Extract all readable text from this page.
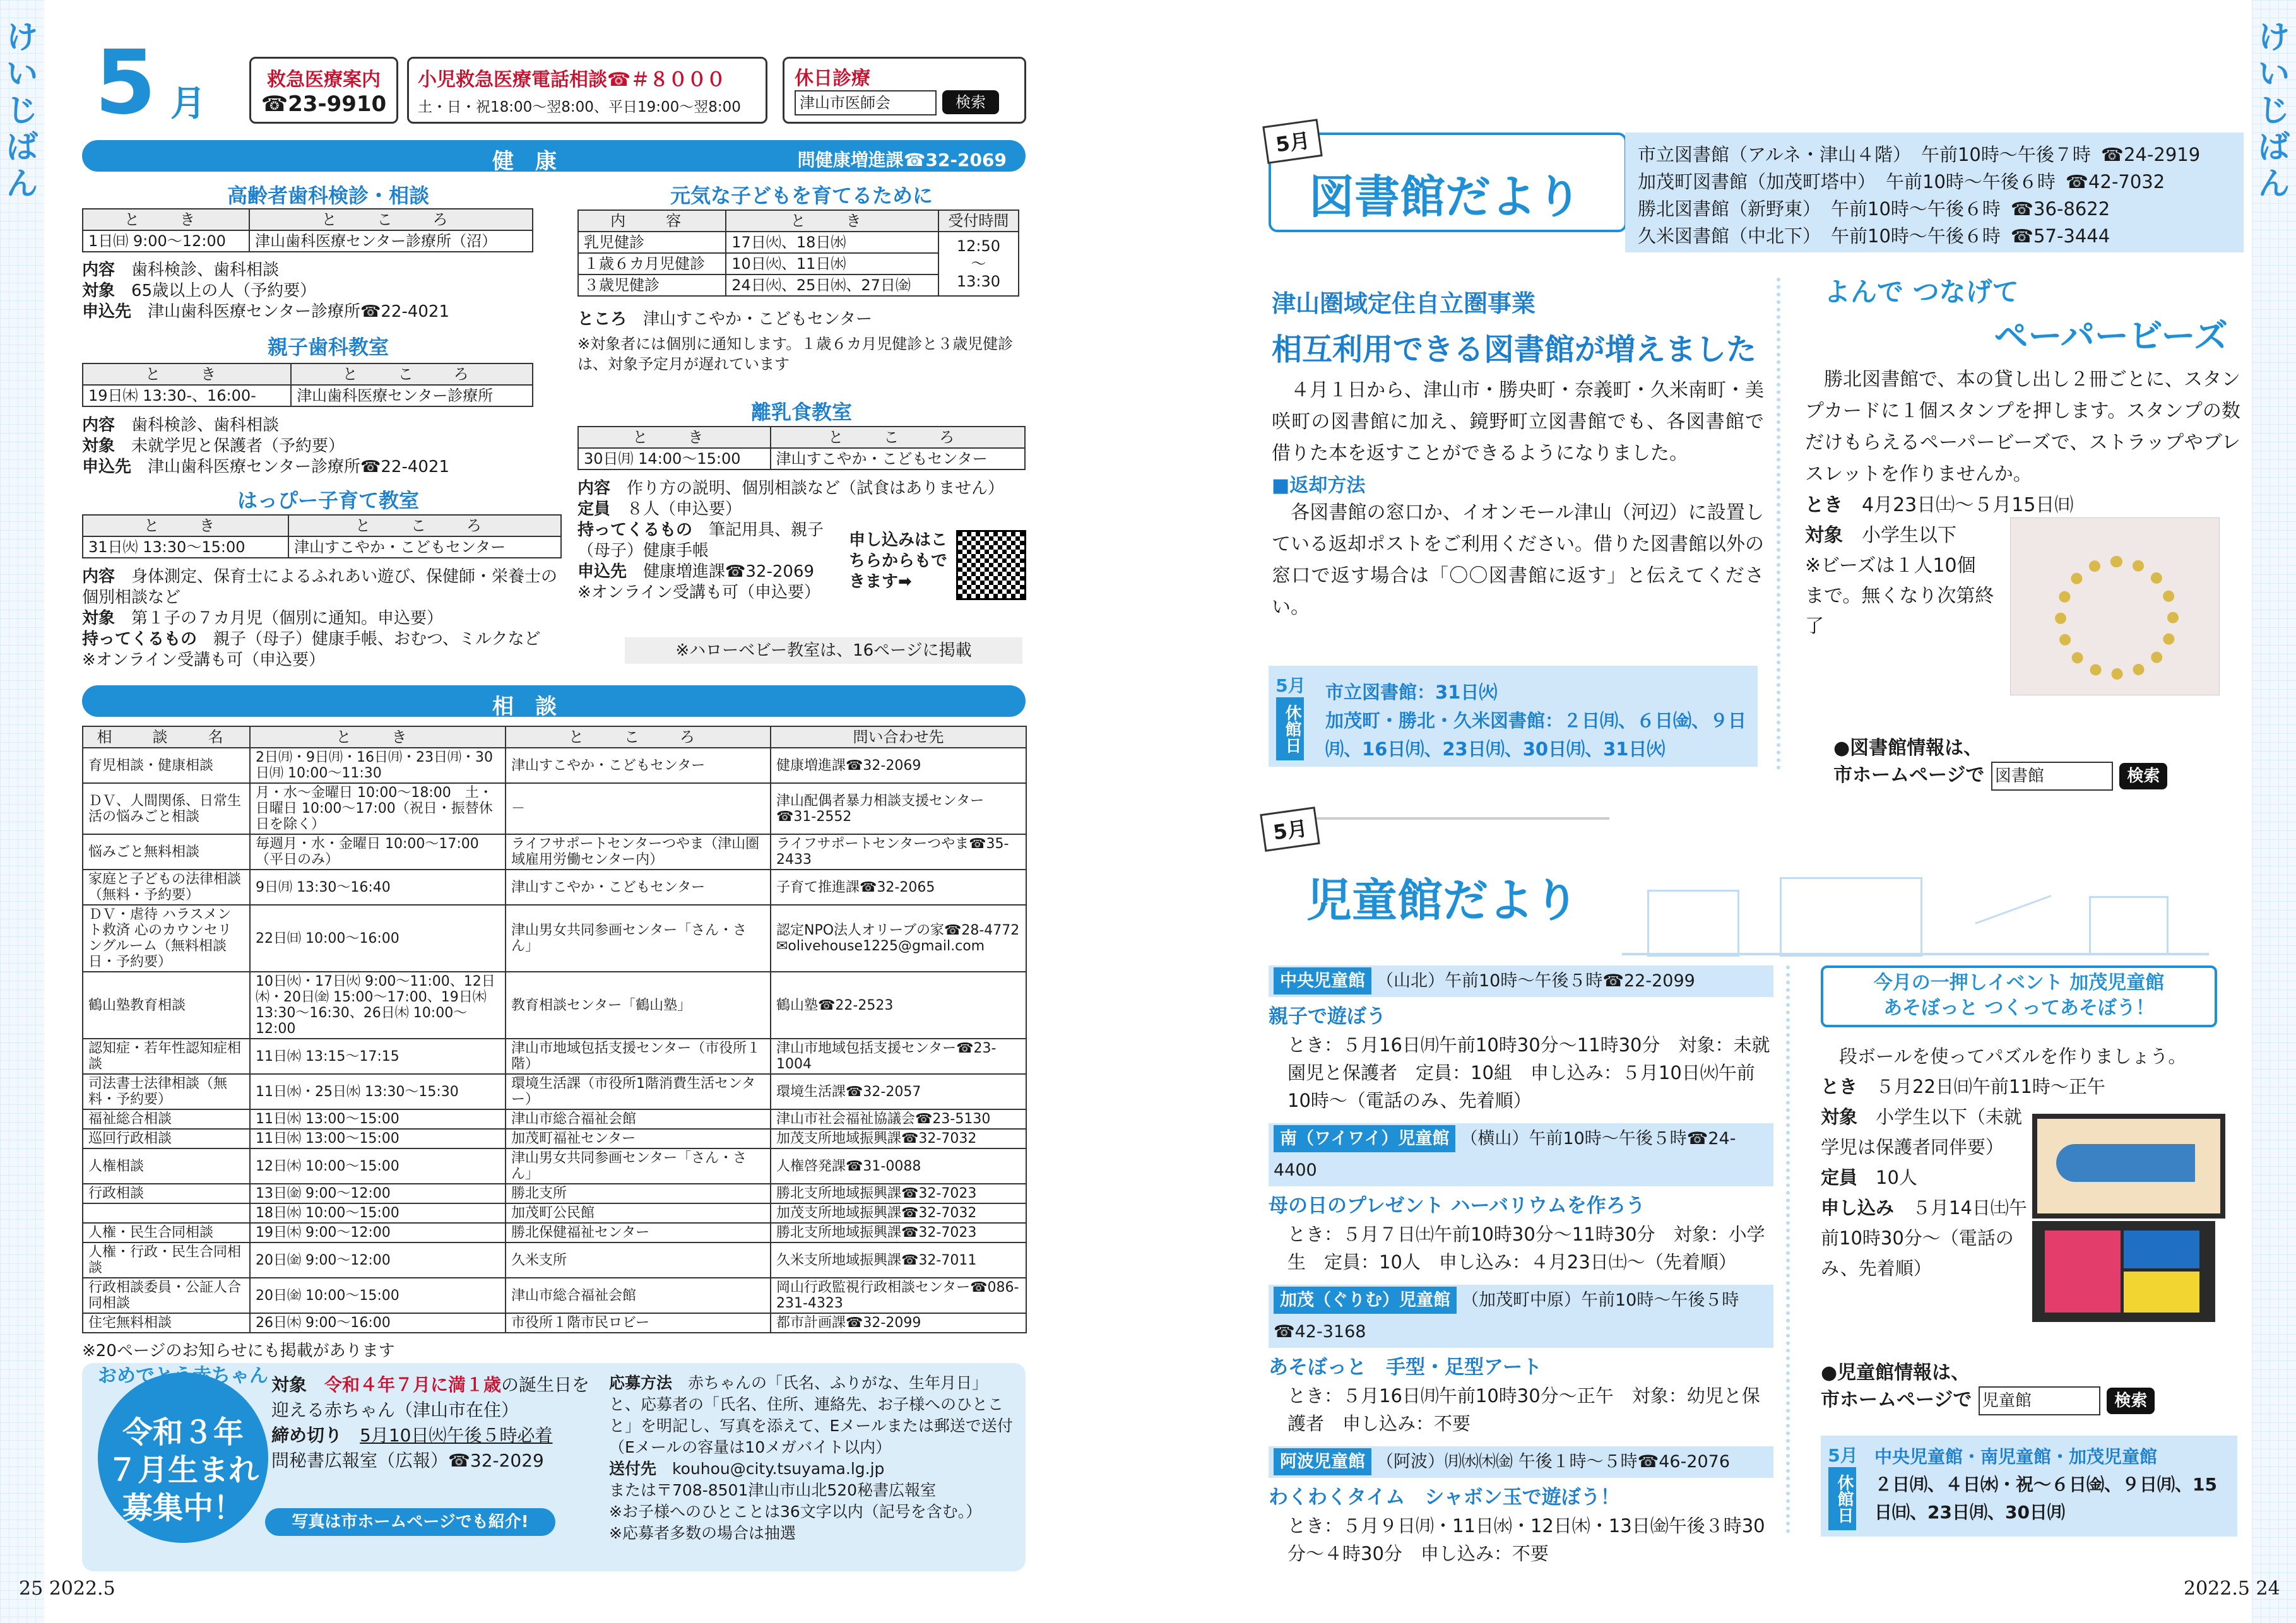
けいじばん
5 月
救急医療案内
☎23-9910
小児救急医療電話相談☎＃８０００
土・日・祝18:00〜翌8:00、平日19:00〜翌8:00
休日診療
津山市医師会	検索
健　康	問健康増進課☎32-2069
高齢者歯科検診・相談
と　き	と　こ　ろ
1日㈰ 9:00〜12:00	津山歯科医療センター診療所（沼）
内容　 歯科検診、歯科相談
対象　 65歳以上の人（予約要）
申込先　 津山歯科医療センター診療所☎22-4021
親子歯科教室
と　き	と　こ　ろ
19日㈭ 13:30-、16:00-	津山歯科医療センター診療所
内容　 歯科検診、歯科相談
対象　 未就学児と保護者（予約要）
申込先　 津山歯科医療センター診療所☎22-4021
はっぴー子育て教室
と　き	と　こ　ろ
31日㈫ 13:30〜15:00	津山すこやか・こどもセンター
内容　 身体測定、保育士によるふれあい遊び、保健師・栄養士の個別相談など
対象　 第１子の７カ月児（個別に通知。申込要）
持ってくるもの　 親子（母子）健康手帳、おむつ、ミルクなど
※オンライン受講も可（申込要）
元気な子どもを育てるために
内　容	と　き	受付時間
乳児健診	17日㈫、18日㈬	12:50
〜
13:30
１歳６カ月児健診	10日㈫、11日㈬	
３歳児健診	24日㈫、25日㈬、27日㈮	
ところ　 津山すこやか・こどもセンター
※対象者には個別に通知します。１歳６カ月児健診と３歳児健診は、対象予定月が遅れています
離乳食教室
と　き	と　こ　ろ
30日㈪ 14:00〜15:00	津山すこやか・こどもセンター
内容　 作り方の説明、個別相談など（試食はありません）
定員　 ８人（申込要）
持ってくるもの　 筆記用具、親子（母子）健康手帳
申込先　 健康増進課☎32-2069
※オンライン受講も可（申込要）
申し込みはこちらからもできます➡
※ハローベビー教室は、16ページに掲載
相　談
相　談　名	と　き	と　こ　ろ	問い合わせ先
育児相談・健康相談	2日㈪・9日㈪・16日㈪・23日㈪・30日㈪ 10:00〜11:30	津山すこやか・こどもセンター	健康増進課☎32-2069
ＤＶ、人間関係、日常生活の悩みごと相談	月・水〜金曜日 10:00〜18:00　土・日曜日 10:00〜17:00（祝日・振替休日を除く）	－	津山配偶者暴力相談支援センター☎31-2552
悩みごと無料相談	毎週月・水・金曜日 10:00〜17:00（平日のみ）	ライフサポートセンターつやま（津山圏域雇用労働センター内）	ライフサポートセンターつやま☎35-2433
家庭と子どもの法律相談（無料・予約要）	9日㈪ 13:30〜16:40	津山すこやか・こどもセンター	子育て推進課☎32-2065
ＤＶ・虐待 ハラスメント救済 心のカウンセリングルーム（無料相談日・予約要）	22日㈰ 10:00〜16:00	津山男女共同参画センター「さん・さん」	認定NPO法人オリーブの家☎28-4772 ✉olivehouse1225@gmail.com
鶴山塾教育相談	10日㈫・17日㈫ 9:00〜11:00、12日㈭・20日㈮ 15:00〜17:00、19日㈭ 13:30〜16:30、26日㈭ 10:00〜12:00	教育相談センター「鶴山塾」	鶴山塾☎22-2523
認知症・若年性認知症相談	11日㈬ 13:15〜17:15	津山市地域包括支援センター（市役所１階）	津山市地域包括支援センター☎23-1004
司法書士法律相談（無料・予約要）	11日㈬・25日㈬ 13:30〜15:30	環境生活課（市役所1階消費生活センター）	環境生活課☎32-2057
福祉総合相談	11日㈬ 13:00〜15:00	津山市総合福祉会館	津山市社会福祉協議会☎23-5130
巡回行政相談	11日㈬ 13:00〜15:00	加茂町福祉センター	加茂支所地域振興課☎32-7032
人権相談	12日㈭ 10:00〜15:00	津山男女共同参画センター「さん・さん」	人権啓発課☎31-0088
行政相談	13日㈮ 9:00〜12:00	勝北支所	勝北支所地域振興課☎32-7023
	18日㈬ 10:00〜15:00	加茂町公民館	加茂支所地域振興課☎32-7032
人権・民生合同相談	19日㈭ 9:00〜12:00	勝北保健福祉センター	勝北支所地域振興課☎32-7023
人権・行政・民生合同相談	20日㈮ 9:00〜12:00	久米支所	久米支所地域振興課☎32-7011
行政相談委員・公証人合同相談	20日㈮ 10:00〜15:00	津山市総合福祉会館	岡山行政監視行政相談センター☎086-231-4323
住宅無料相談	26日㈭ 9:00〜16:00	市役所１階市民ロビー	都市計画課☎32-2099
※20ページのお知らせにも掲載があります
おめでとう赤ちゃん
令和３年
７月生まれ
募集中！
対象　 令和４年７月に満１歳の誕生日を迎える赤ちゃん（津山市在住）
締め切り　 5月10日㈫午後５時必着
問秘書広報室（広報）☎32-2029
写真は市ホームページでも紹介!
応募方法　 赤ちゃんの「氏名、ふりがな、生年月日」と、応募者の「氏名、住所、連絡先、お子様へのひとこと」を明記し、写真を添えて、Eメールまたは郵送で送付（Eメールの容量は10メガバイト以内）
送付先　 kouhou@city.tsuyama.lg.jp
または〒708-8501津山市山北520秘書広報室
※お子様へのひとことは36文字以内（記号を含む。）
※応募者多数の場合は抽選
25 2022.5
けいじばん
5月
図書館だより
市立図書館（アルネ・津山４階） 午前10時〜午後７時 ☎24-2919
加茂町図書館（加茂町塔中） 午前10時〜午後６時 ☎42-7032
勝北図書館（新野東） 午前10時〜午後６時 ☎36-8622
久米図書館（中北下） 午前10時〜午後６時 ☎57-3444
津山圏域定住自立圏事業
相互利用できる図書館が増えました
　４月１日から、津山市・勝央町・奈義町・久米南町・美咲町の図書館に加え、鏡野町立図書館でも、各図書館で借りた本を返すことができるようになりました。
■返却方法
　各図書館の窓口か、イオンモール津山（河辺）に設置している返却ポストをご利用ください。借りた図書館以外の窓口で返す場合は「〇〇図書館に返す」と伝えてください。
5月
休館日
市立図書館：31日㈫
加茂町・勝北・久米図書館：２日㈪、６日㈮、９日㈪、16日㈪、23日㈪、30日㈪、31日㈫
よんで つなげて
ペーパービーズ
　勝北図書館で、本の貸し出し２冊ごとに、スタンプカードに１個スタンプを押します。スタンプの数だけもらえるペーパービーズで、ストラップやブレスレットを作りませんか。
とき　 4月23日㈯〜５月15日㈰
対象　 小学生以下
※ビーズは１人10個まで。無くなり次第終了
●図書館情報は、
市ホームページで 図書館	検索
5月
児童館だより
中央児童館 （山北）午前10時〜午後５時☎22-2099
親子で遊ぼう
とき：５月16日㈪午前10時30分〜11時30分　対象：未就園児と保護者　定員：10組　申し込み：５月10日㈫午前10時〜（電話のみ、先着順）
南（ワイワイ）児童館 （横山）午前10時〜午後５時☎24-4400
母の日のプレゼント ハーバリウムを作ろう
とき：５月７日㈯午前10時30分〜11時30分　対象：小学生　定員：10人　申し込み：４月23日㈯〜（先着順）
加茂（ぐりむ）児童館 （加茂町中原）午前10時〜午後５時☎42-3168
あそぼっと　手型・足型アート
とき：５月16日㈪午前10時30分〜正午　対象：幼児と保護者　申し込み：不要
阿波児童館 （阿波）㈪㈬㈭㈮ 午後１時〜５時☎46-2076
わくわくタイム　シャボン玉で遊ぼう！
とき：５月９日㈪・11日㈬・12日㈭・13日㈮午後３時30分〜４時30分　申し込み：不要
今月の一押しイベント 加茂児童館
あそぼっと つくってあそぼう！
　段ボールを使ってパズルを作りましょう。
とき　 ５月22日㈰午前11時〜正午
対象　 小学生以下（未就学児は保護者同伴要）
定員　 10人
申し込み　 ５月14日㈯午前10時30分〜（電話のみ、先着順）
●児童館情報は、
市ホームページで 児童館	検索
5月
休館日
中央児童館・南児童館・加茂児童館
２日㈪、４日㈬・祝〜６日㈮、９日㈪、15日㈰、23日㈪、30日㈪
2022.5 24
